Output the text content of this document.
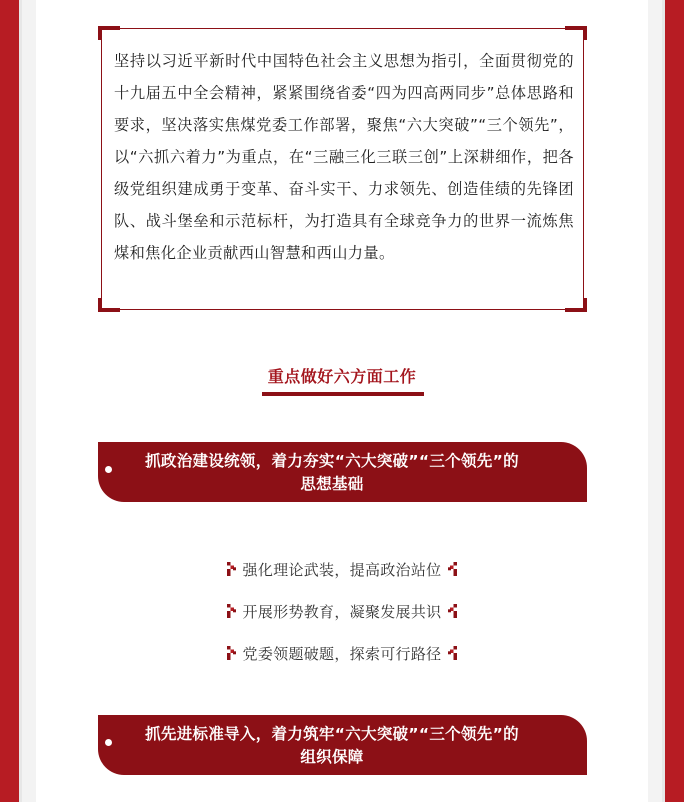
坚持以习近平新时代中国特色社会主义思想为指引，全面贯彻党的十九届五中全会精神，紧紧围绕省委“四为四高两同步”总体思路和要求，坚决落实焦煤党委工作部署，聚焦“六大突破”“三个领先”，以“六抓六着力”为重点，在“三融三化三联三创”上深耕细作，把各级党组织建成勇于变革、奋斗实干、力求领先、创造佳绩的先锋团队、战斗堡垒和示范标杆，为打造具有全球竞争力的世界一流炼焦煤和焦化企业贡献西山智慧和西山力量。
重点做好六方面工作
抓政治建设统领，着力夯实“六大突破”“三个领先”的
思想基础
强化理论武装，提高政治站位
开展形势教育，凝聚发展共识
党委领题破题，探索可行路径
抓先进标准导入，着力筑牢“六大突破”“三个领先”的
组织保障
